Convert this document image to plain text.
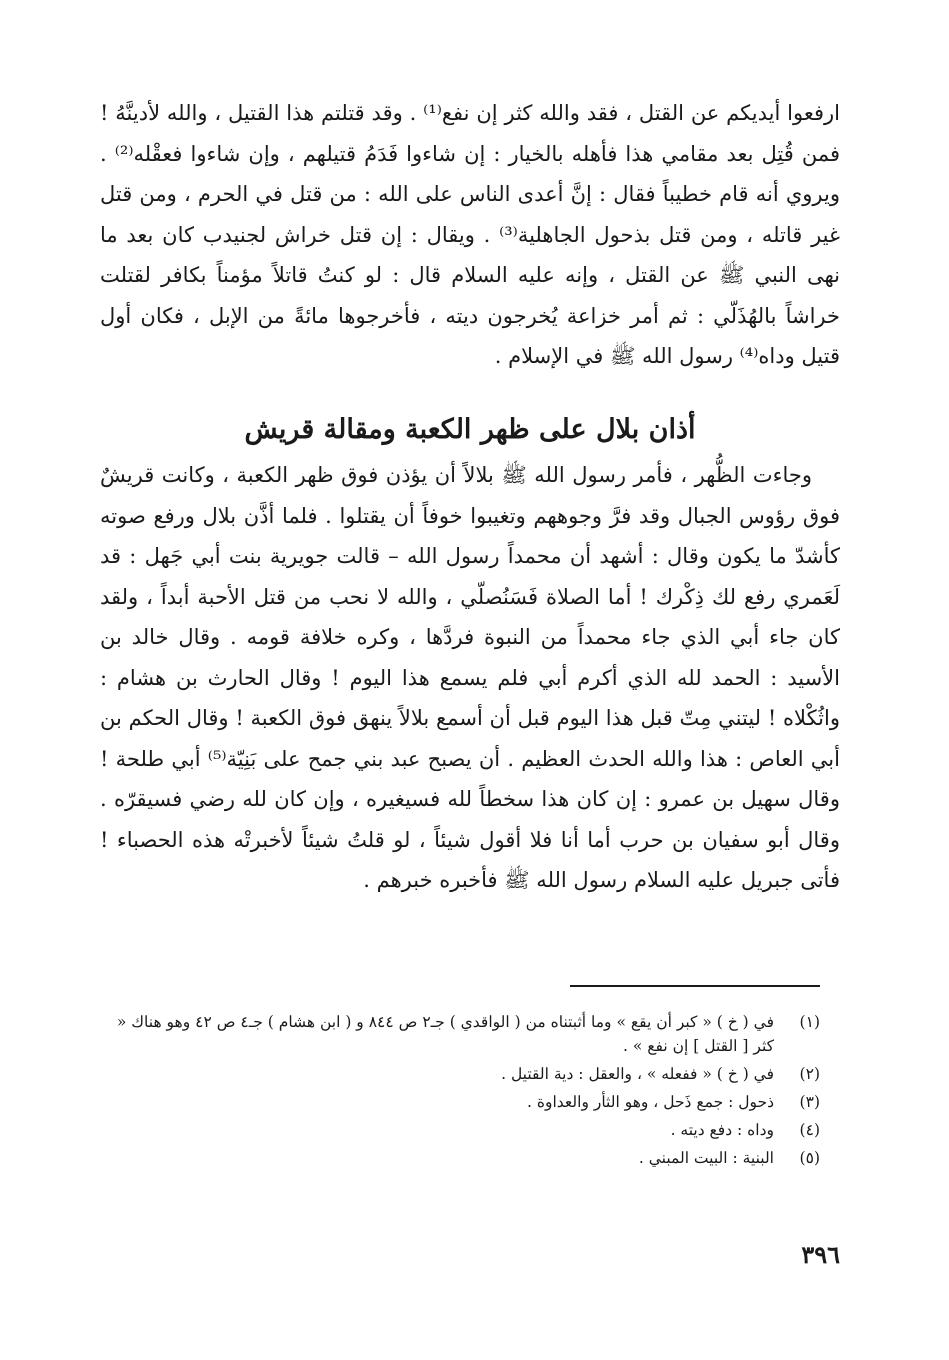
ارفعوا أيديكم عن القتل ، فقد والله كثر إن نفع⁽¹⁾ . وقد قتلتم هذا القتيل ، والله لأدينَّهُ ! فمن قُتِل بعد مقامي هذا فأهله بالخيار : إن شاءوا فَدَمُ قتيلهم ، وإن شاءوا فعقْله⁽²⁾ . ويروي أنه قام خطيباً فقال : إنَّ أعدى الناس على الله : من قتل في الحرم ، ومن قتل غير قاتله ، ومن قتل بذحول الجاهلية⁽³⁾ . ويقال : إن قتل خراش لجنيدب كان بعد ما نهى النبي ﷺ عن القتل ، وإنه عليه السلام قال : لو كنتُ قاتلاً مؤمناً بكافر لقتلت خراشاً بالهُذَلّي : ثم أمر خزاعة يُخرجون ديته ، فأخرجوها مائةً من الإبل ، فكان أول قتيل وداه⁽⁴⁾ رسول الله ﷺ في الإسلام .

أذان بلال على ظهر الكعبة ومقالة قريش

وجاءت الظُّهر ، فأمر رسول الله ﷺ بلالاً أن يؤذن فوق ظهر الكعبة ، وكانت قريشٌ فوق رؤوس الجبال وقد فرَّ وجوههم وتغيبوا خوفاً أن يقتلوا . فلما أذَّن بلال ورفع صوته كأشدّ ما يكون وقال : أشهد أن محمداً رسول الله – قالت جويرية بنت أبي جَهل : قد لَعَمري رفع لك ذِكْرك ! أما الصلاة فَسَنُصلّي ، والله لا نحب من قتل الأحبة أبداً ، ولقد كان جاء أبي الذي جاء محمداً من النبوة فردَّها ، وكره خلافة قومه . وقال خالد بن الأسيد : الحمد لله الذي أكرم أبي فلم يسمع هذا اليوم ! وقال الحارث بن هشام : واثُكْلاه ! ليتني مِتّ قبل هذا اليوم قبل أن أسمع بلالاً ينهق فوق الكعبة ! وقال الحكم بن أبي العاص : هذا والله الحدث العظيم . أن يصبح عبد بني جمح على بَنِيّة⁽⁵⁾ أبي طلحة ! وقال سهيل بن عمرو : إن كان هذا سخطاً لله فسيغيره ، وإن كان لله رضي فسيقرّه . وقال أبو سفيان بن حرب أما أنا فلا أقول شيئاً ، لو قلتُ شيئاً لأخبرتْه هذه الحصباء ! فأتى جبريل عليه السلام رسول الله ﷺ فأخبره خبرهم .

(١)
في ( خ ) « كبر أن يقع » وما أثبتناه من ( الواقدي ) جـ٢ ص ٨٤٤ و ( ابن هشام ) جـ٤ ص ٤٢ وهو هناك « كثر [ القتل ] إن نفع » .
(٢)
في ( خ ) « ففعله » ، والعقل : دية القتيل .
(٣)
ذحول : جمع ذَحل ، وهو الثأر والعداوة .
(٤)
وداه : دفع ديته .
(٥)
البنية : البيت المبني .
٣٩٦
